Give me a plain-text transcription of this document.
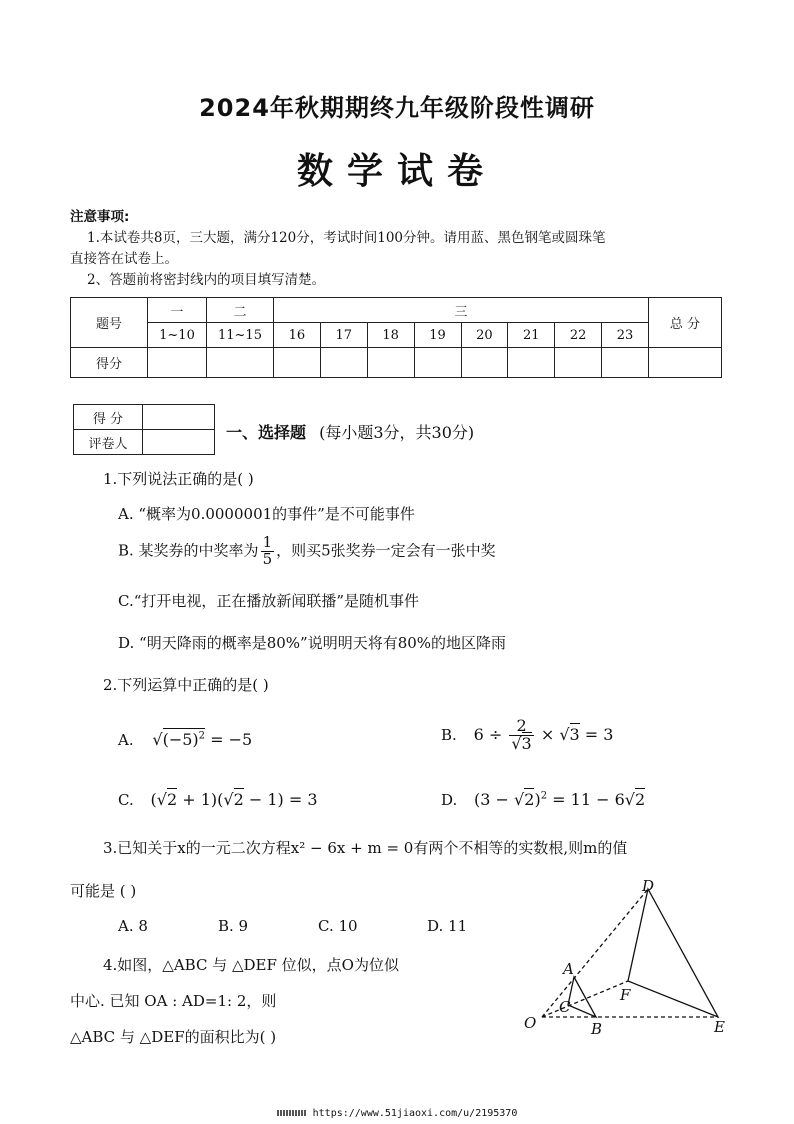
2024年秋期期终九年级阶段性调研
数学试卷
注意事项:
1.本试卷共8页，三大题，满分120分，考试时间100分钟。请用蓝、黑色钢笔或圆珠笔
直接答在试卷上。
2、答题前将密封线内的项目填写清楚。
题号	一	二	三								总 分
	1~10	11~15	16	17	18	19	20	21	22	23	
得分											
得 分	
评卷人	
一、选择题 (每小题3分，共30分)
1.下列说法正确的是( )
A. “概率为0.0000001的事件”是不可能事件
B. 某奖券的中奖率为 $\frac{1}{5}$ ，则买5张奖券一定会有一张中奖
C.“打开电视，正在播放新闻联播”是随机事件
D. “明天降雨的概率是80%”说明明天将有80%的地区降雨
2.下列运算中正确的是( )
A. $√(-5)^2 = -5$	B. $6 \div \frac{2}{√3} \times √3 = 3$
C. (√2 + 1)(√2 − 1) = 3	D. $(3 - √2)^2 = 11 - 6√2$
3.已知关于x的一元二次方程x² − 6x + m = 0有两个不相等的实数根,则m的值
可能是 ( )
A. 8	B. 9	C. 10	D. 11
4.如图，△ABC 与 △DEF 位似，点O为位似
中心. 已知 OA : AD=1: 2，则
△ABC 与 △DEF的面积比为( )
D
A
F
C
O	B	E
https://www.51jiaoxi.com/u/2195370
